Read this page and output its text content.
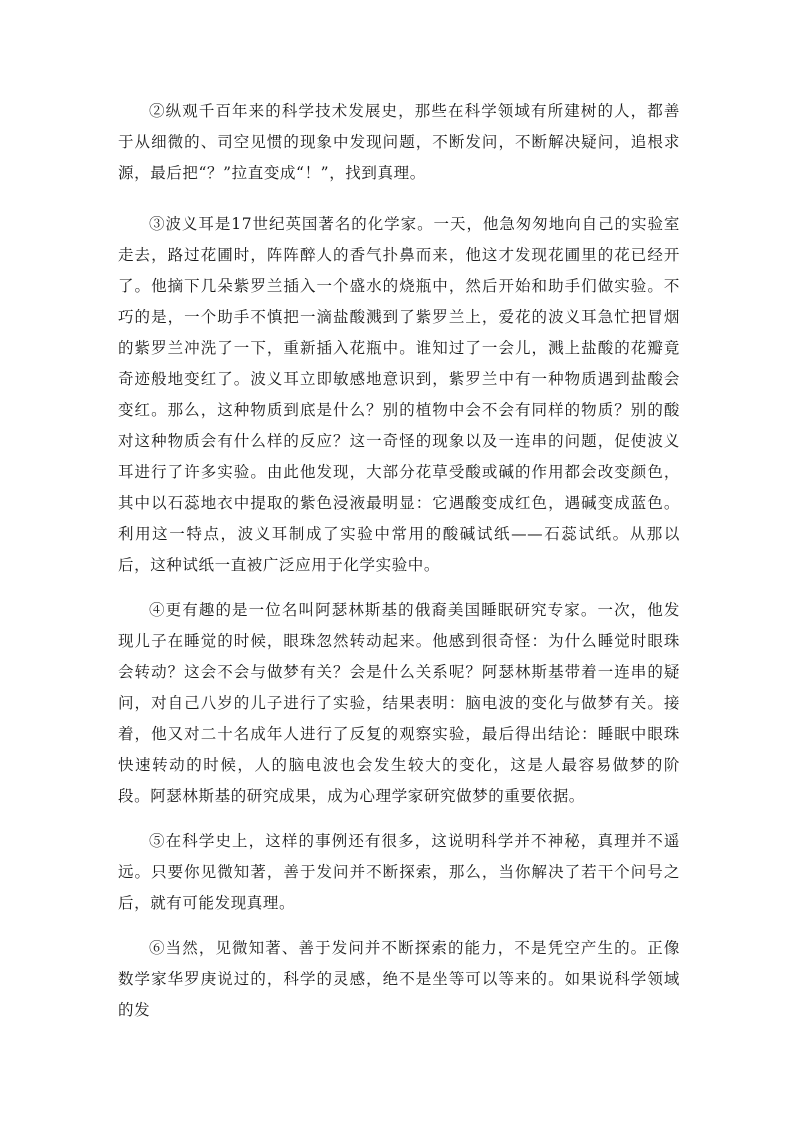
②纵观千百年来的科学技术发展史，那些在科学领域有所建树的人，都善于从细微的、司空见惯的现象中发现问题，不断发问，不断解决疑问，追根求源，最后把“？”拉直变成“！”，找到真理。

③波义耳是17世纪英国著名的化学家。一天，他急匆匆地向自己的实验室走去，路过花圃时，阵阵醉人的香气扑鼻而来，他这才发现花圃里的花已经开了。他摘下几朵紫罗兰插入一个盛水的烧瓶中，然后开始和助手们做实验。不巧的是，一个助手不慎把一滴盐酸溅到了紫罗兰上，爱花的波义耳急忙把冒烟的紫罗兰冲洗了一下，重新插入花瓶中。谁知过了一会儿，溅上盐酸的花瓣竟奇迹般地变红了。波义耳立即敏感地意识到，紫罗兰中有一种物质遇到盐酸会变红。那么，这种物质到底是什么？别的植物中会不会有同样的物质？别的酸对这种物质会有什么样的反应？这一奇怪的现象以及一连串的问题，促使波义耳进行了许多实验。由此他发现，大部分花草受酸或碱的作用都会改变颜色，其中以石蕊地衣中提取的紫色浸液最明显：它遇酸变成红色，遇碱变成蓝色。利用这一特点，波义耳制成了实验中常用的酸碱试纸——石蕊试纸。从那以后，这种试纸一直被广泛应用于化学实验中。

④更有趣的是一位名叫阿瑟林斯基的俄裔美国睡眠研究专家。一次，他发现儿子在睡觉的时候，眼珠忽然转动起来。他感到很奇怪：为什么睡觉时眼珠会转动？这会不会与做梦有关？会是什么关系呢？阿瑟林斯基带着一连串的疑问，对自己八岁的儿子进行了实验，结果表明：脑电波的变化与做梦有关。接着，他又对二十名成年人进行了反复的观察实验，最后得出结论：睡眠中眼珠快速转动的时候，人的脑电波也会发生较大的变化，这是人最容易做梦的阶段。阿瑟林斯基的研究成果，成为心理学家研究做梦的重要依据。

⑤在科学史上，这样的事例还有很多，这说明科学并不神秘，真理并不遥远。只要你见微知著，善于发问并不断探索，那么，当你解决了若干个问号之后，就有可能发现真理。

⑥当然，见微知著、善于发问并不断探索的能力，不是凭空产生的。正像数学家华罗庚说过的，科学的灵感，绝不是坐等可以等来的。如果说科学领域的发
